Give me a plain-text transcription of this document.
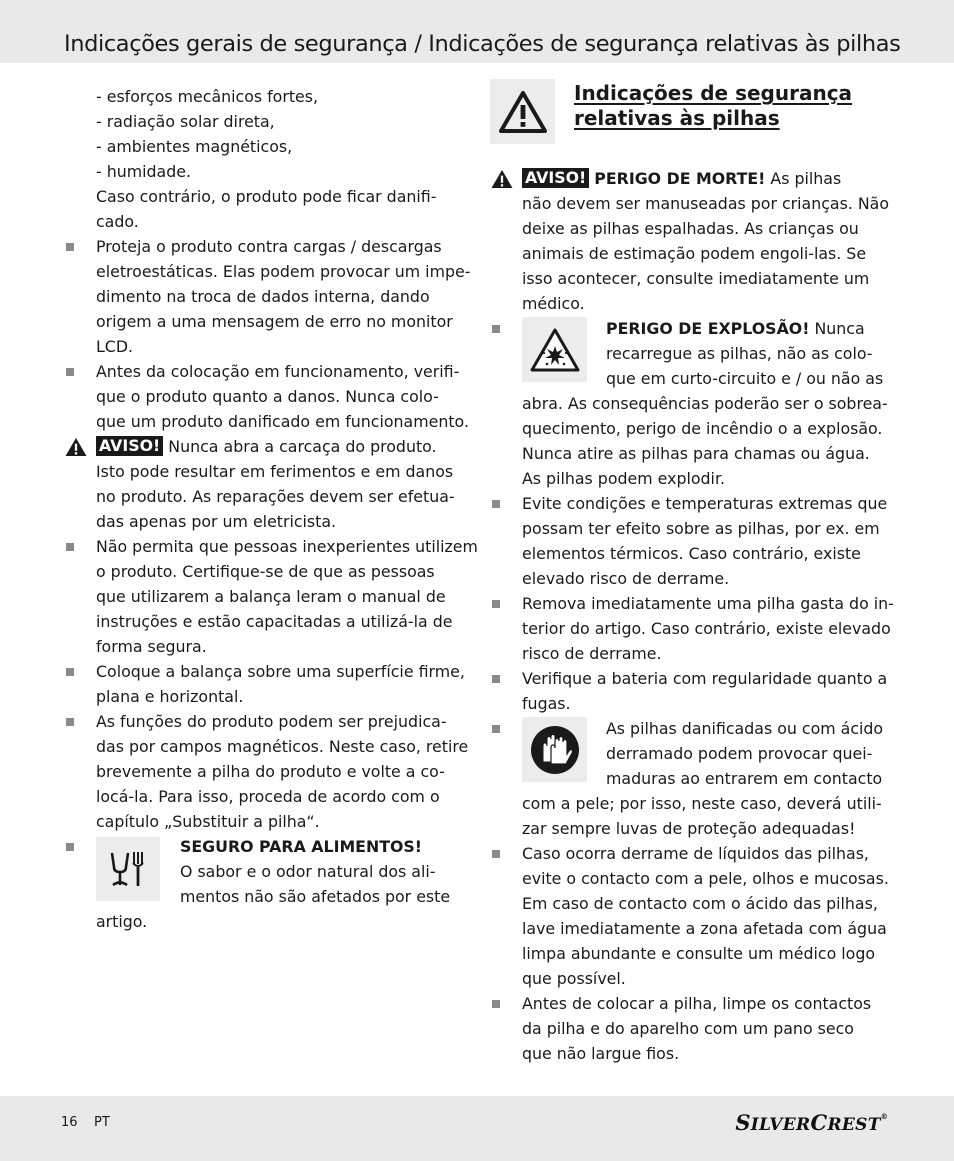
Indicações gerais de segurança / Indicações de segurança relativas às pilhas
- esforços mecânicos fortes,
- radiação solar direta,
- ambientes magnéticos,
- humidade.
Caso contrário, o produto pode ficar danifi-
cado.
Proteja o produto contra cargas / descargas
eletroestáticas. Elas podem provocar um impe-
dimento na troca de dados interna, dando
origem a uma mensagem de erro no monitor
LCD.
Antes da colocação em funcionamento, verifi-
que o produto quanto a danos. Nunca colo-
que um produto danificado em funcionamento.
AVISO! Nunca abra a carcaça do produto.
Isto pode resultar em ferimentos e em danos
no produto. As reparações devem ser efetua-
das apenas por um eletricista.
Não permita que pessoas inexperientes utilizem
o produto. Certifique-se de que as pessoas
que utilizarem a balança leram o manual de
instruções e estão capacitadas a utilizá-la de
forma segura.
Coloque a balança sobre uma superfície firme,
plana e horizontal.
As funções do produto podem ser prejudica-
das por campos magnéticos. Neste caso, retire
brevemente a pilha do produto e volte a co-
locá-la. Para isso, proceda de acordo com o
capítulo „Substituir a pilha“.
SEGURO PARA ALIMENTOS!
O sabor e o odor natural dos ali-
mentos não são afetados por este
artigo.
Indicações de segurança
relativas às pilhas
AVISO! PERIGO DE MORTE! As pilhas
não devem ser manuseadas por crianças. Não
deixe as pilhas espalhadas. As crianças ou
animais de estimação podem engoli-las. Se
isso acontecer, consulte imediatamente um
médico.
PERIGO DE EXPLOSÃO! Nunca
recarregue as pilhas, não as colo-
que em curto-circuito e / ou não as
abra. As consequências poderão ser o sobrea-
quecimento, perigo de incêndio o a explosão.
Nunca atire as pilhas para chamas ou água.
As pilhas podem explodir.
Evite condições e temperaturas extremas que
possam ter efeito sobre as pilhas, por ex. em
elementos térmicos. Caso contrário, existe
elevado risco de derrame.
Remova imediatamente uma pilha gasta do in-
terior do artigo. Caso contrário, existe elevado
risco de derrame.
Verifique a bateria com regularidade quanto a
fugas.
As pilhas danificadas ou com ácido
derramado podem provocar quei-
maduras ao entrarem em contacto
com a pele; por isso, neste caso, deverá utili-
zar sempre luvas de proteção adequadas!
Caso ocorra derrame de líquidos das pilhas,
evite o contacto com a pele, olhos e mucosas.
Em caso de contacto com o ácido das pilhas,
lave imediatamente a zona afetada com água
limpa abundante e consulte um médico logo
que possível.
Antes de colocar a pilha, limpe os contactos
da pilha e do aparelho com um pano seco
que não largue fios.
16 PT	SILVERCREST®
